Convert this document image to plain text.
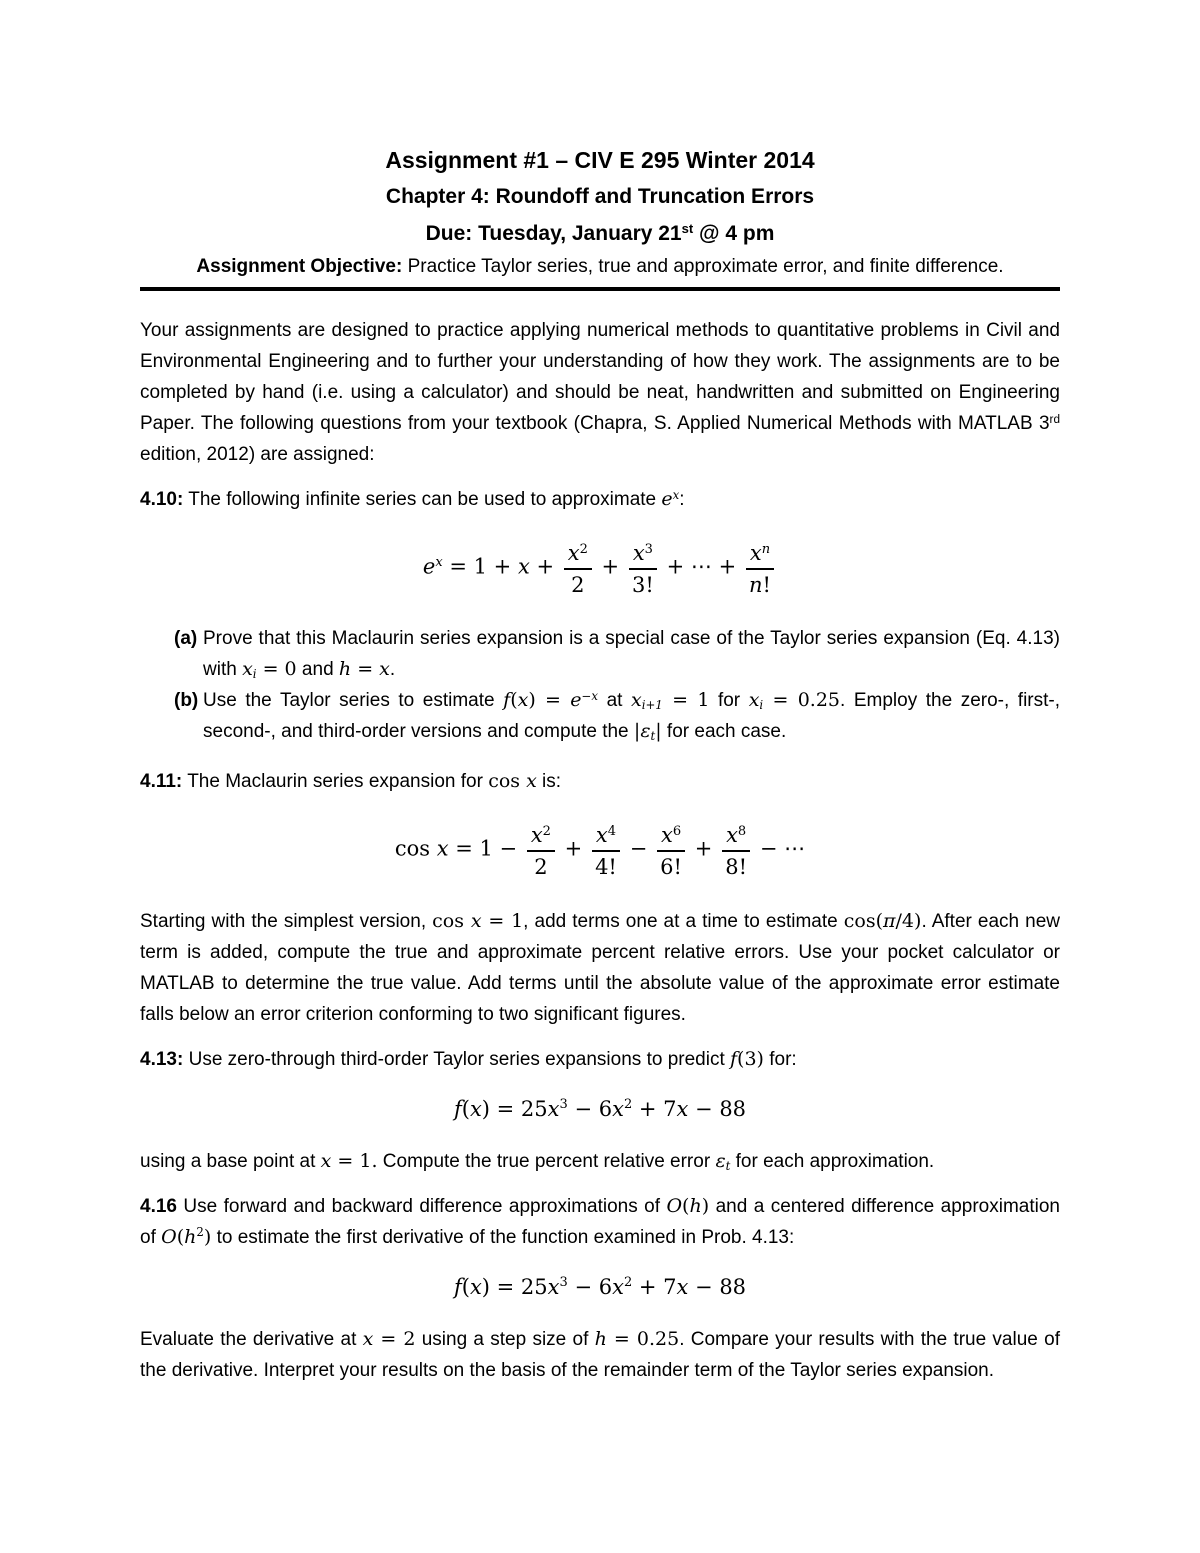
Assignment #1 – CIV E 295 Winter 2014
Chapter 4: Roundoff and Truncation Errors
Due: Tuesday, January 21st @ 4 pm
Assignment Objective: Practice Taylor series, true and approximate error, and finite difference.
Your assignments are designed to practice applying numerical methods to quantitative problems in Civil and Environmental Engineering and to further your understanding of how they work. The assignments are to be completed by hand (i.e. using a calculator) and should be neat, handwritten and submitted on Engineering Paper. The following questions from your textbook (Chapra, S. Applied Numerical Methods with MATLAB 3rd edition, 2012) are assigned:
4.10: The following infinite series can be used to approximate $e^x$:
$e^x = 1 + x + \frac{x^2}{2} + \frac{x^3}{3!}$ + ⋯ + $\frac{x^n}{n!}$
(a) Prove that this Maclaurin series expansion is a special case of the Taylor series expansion (Eq. 4.13) with xi = 0 and h = x.
(b) Use the Taylor series to estimate $f(x) = e^{-x}$ at xi+1 = 1 for xi = 0.25. Employ the zero-, first-, second-, and third-order versions and compute the |εt| for each case.
4.11: The Maclaurin series expansion for cos x is:
$\cos x = 1 - \frac{x^2}{2} + \frac{x^4}{4!} - \frac{x^6}{6!} + \frac{x^8}{8!}$ − ⋯
Starting with the simplest version, cos x = 1, add terms one at a time to estimate cos(π/4). After each new term is added, compute the true and approximate percent relative errors. Use your pocket calculator or MATLAB to determine the true value. Add terms until the absolute value of the approximate error estimate falls below an error criterion conforming to two significant figures.
4.13: Use zero-through third-order Taylor series expansions to predict f(3) for:
$f(x) = 25x^3 - 6x^2 + 7x - 88$
using a base point at x = 1. Compute the true percent relative error εt for each approximation.
4.16 Use forward and backward difference approximations of O(h) and a centered difference approximation of $O(h^2)$ to estimate the first derivative of the function examined in Prob. 4.13:
$f(x) = 25x^3 - 6x^2 + 7x - 88$
Evaluate the derivative at x = 2 using a step size of h = 0.25. Compare your results with the true value of the derivative. Interpret your results on the basis of the remainder term of the Taylor series expansion.
